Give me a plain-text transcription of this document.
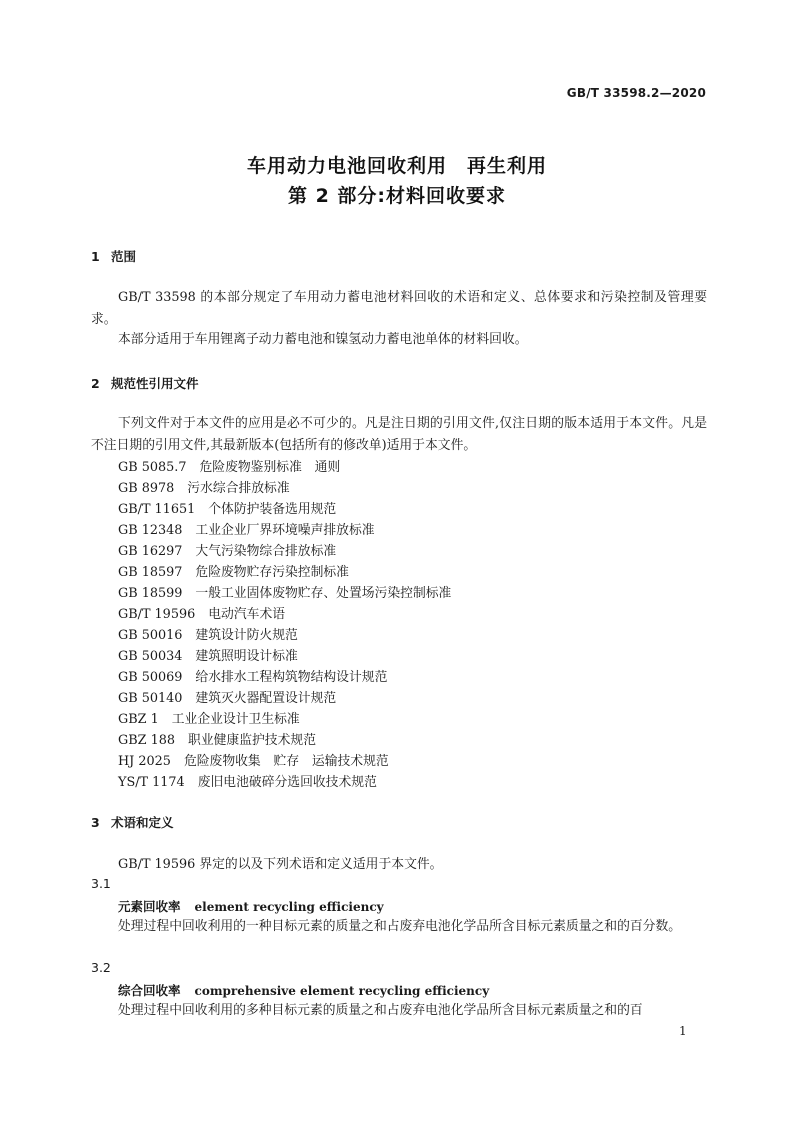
GB/T 33598.2—2020
车用动力电池回收利用　再生利用
第 2 部分:材料回收要求
1 范围

GB/T 33598 的本部分规定了车用动力蓄电池材料回收的术语和定义、总体要求和污染控制及管理要求。

本部分适用于车用锂离子动力蓄电池和镍氢动力蓄电池单体的材料回收。

2 规范性引用文件

下列文件对于本文件的应用是必不可少的。凡是注日期的引用文件,仅注日期的版本适用于本文件。凡是不注日期的引用文件,其最新版本(包括所有的修改单)适用于本文件。

GB 5085.7 危险废物鉴别标准　通则
GB 8978 污水综合排放标准
GB/T 11651 个体防护装备选用规范
GB 12348 工业企业厂界环境噪声排放标准
GB 16297 大气污染物综合排放标准
GB 18597 危险废物贮存污染控制标准
GB 18599 一般工业固体废物贮存、处置场污染控制标准
GB/T 19596 电动汽车术语
GB 50016 建筑设计防火规范
GB 50034 建筑照明设计标准
GB 50069 给水排水工程构筑物结构设计规范
GB 50140 建筑灭火器配置设计规范
GBZ 1 工业企业设计卫生标准
GBZ 188 职业健康监护技术规范
HJ 2025 危险废物收集　贮存　运输技术规范
YS/T 1174 废旧电池破碎分选回收技术规范
3 术语和定义
GB/T 19596 界定的以及下列术语和定义适用于本文件。
3.1
元素回收率 element recycling efficiency

处理过程中回收利用的一种目标元素的质量之和占废弃电池化学品所含目标元素质量之和的百分数。

3.2
综合回收率 comprehensive element recycling efficiency

处理过程中回收利用的多种目标元素的质量之和占废弃电池化学品所含目标元素质量之和的百

1
